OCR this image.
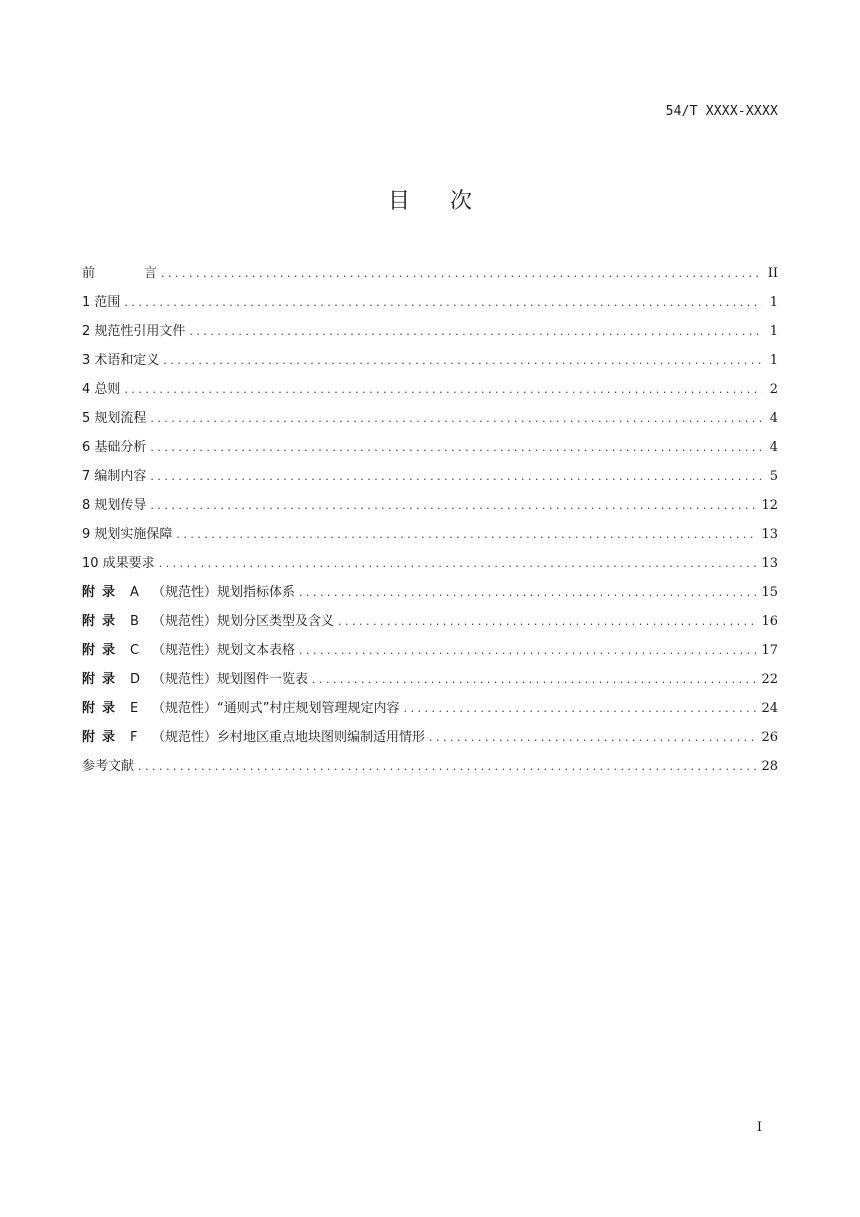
54/T XXXX-XXXX
目次
前	言 . . .	II
1 范围 . . .	1
2 规范性引用文件 . . .	1
3 术语和定义 . . .	1
4 总则 . . .	2
5 规划流程 . . .	4
6 基础分析 . . .	4
7 编制内容 . . .	5
8 规划传导 . . .	12
9 规划实施保障 . . .	13
10 成果要求 . . .	13
附 录 A （规范性）规划指标体系 . . .	15
附 录 B （规范性）规划分区类型及含义 . . .	16
附 录 C （规范性）规划文本表格 . . .	17
附 录 D （规范性）规划图件一览表 . . .	22
附 录 E （规范性）“通则式”村庄规划管理规定内容 . . .	24
附 录 F （规范性）乡村地区重点地块图则编制适用情形 . . .	26
参考文献 . . .	28
I
